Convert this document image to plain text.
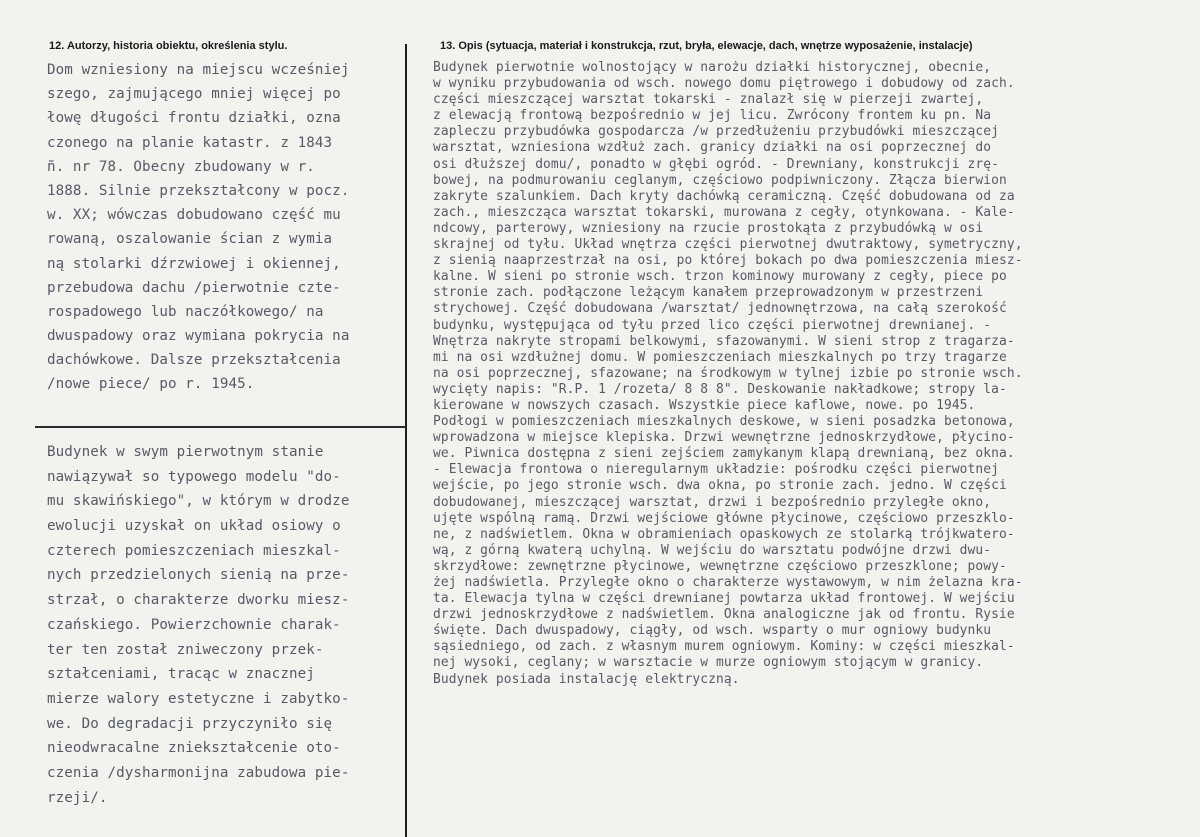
12. Autorzy, historia obiektu, określenia stylu.	13. Opis (sytuacja, materiał i konstrukcja, rzut, bryła, elewacje, dach, wnętrze wyposażenie, instalacje)
Dom wzniesiony na miejscu wcześniej
szego, zajmującego mniej więcej po
łowę długości frontu działki, ozna
czonego na planie katastr. z 1843
ñ. nr 78. Obecny zbudowany w r.
1888. Silnie przekształcony w pocz.
w. XX; wówczas dobudowano część mu
rowaną, oszalowanie ścian z wymia
ną stolarki dźrzwiowej i okiennej,
przebudowa dachu /pierwotnie czte-
rospadowego lub naczółkowego/ na
dwuspadowy oraz wymiana pokrycia na
dachówkowe. Dalsze przekształcenia
/nowe piece/ po r. 1945.
Budynek w swym pierwotnym stanie
nawiązywał so typowego modelu "do-
mu skawińskiego", w którym w drodze
ewolucji uzyskał on układ osiowy o
czterech pomieszczeniach mieszkal-
nych przedzielonych sienią na prze-
strzał, o charakterze dworku miesz-
czańskiego. Powierzchownie charak-
ter ten został zniweczony przek-
ształceniami, tracąc w znacznej
mierze walory estetyczne i zabytko-
we. Do degradacji przyczyniło się
nieodwracalne zniekształcenie oto-
czenia /dysharmonijna zabudowa pie-
rzeji/.
Budynek pierwotnie wolnostojący w narożu działki historycznej, obecnie,
w wyniku przybudowania od wsch. nowego domu piętrowego i dobudowy od zach.
części mieszczącej warsztat tokarski - znalazł się w pierzeji zwartej,
z elewacją frontową bezpośrednio w jej licu. Zwrócony frontem ku pn. Na
zapleczu przybudówka gospodarcza /w przedłużeniu przybudówki mieszczącej
warsztat, wzniesiona wzdłuż zach. granicy działki na osi poprzecznej do
osi dłuższej domu/, ponadto w głębi ogród. - Drewniany, konstrukcji zrę-
bowej, na podmurowaniu ceglanym, częściowo podpiwniczony. Złącza bierwion
zakryte szalunkiem. Dach kryty dachówką ceramiczną. Część dobudowana od za
zach., mieszcząca warsztat tokarski, murowana z cegły, otynkowana. - Kale-
ndcowy, parterowy, wzniesiony na rzucie prostokąta z przybudówką w osi
skrajnej od tyłu. Układ wnętrza części pierwotnej dwutraktowy, symetryczny,
z sienią naaprzestrzał na osi, po której bokach po dwa pomieszczenia miesz-
kalne. W sieni po stronie wsch. trzon kominowy murowany z cegły, piece po
stronie zach. podłączone leżącym kanałem przeprowadzonym w przestrzeni
strychowej. Część dobudowana /warsztat/ jednownętrzowa, na całą szerokość
budynku, występująca od tyłu przed lico części pierwotnej drewnianej. -
Wnętrza nakryte stropami belkowymi, sfazowanymi. W sieni strop z tragarza-
mi na osi wzdłużnej domu. W pomieszczeniach mieszkalnych po trzy tragarze
na osi poprzecznej, sfazowane; na środkowym w tylnej izbie po stronie wsch.
wycięty napis: "R.P. 1 /rozeta/ 8 8 8". Deskowanie nakładkowe; stropy la-
kierowane w nowszych czasach. Wszystkie piece kaflowe, nowe. po 1945.
Podłogi w pomieszczeniach mieszkalnych deskowe, w sieni posadzka betonowa,
wprowadzona w miejsce klepiska. Drzwi wewnętrzne jednoskrzydłowe, płycino-
we. Piwnica dostępna z sieni zejściem zamykanym klapą drewnianą, bez okna.
- Elewacja frontowa o nieregularnym układzie: pośrodku części pierwotnej
wejście, po jego stronie wsch. dwa okna, po stronie zach. jedno. W części
dobudowanej, mieszczącej warsztat, drzwi i bezpośrednio przyległe okno,
ujęte wspólną ramą. Drzwi wejściowe główne płycinowe, częściowo przeszklo-
ne, z nadświetlem. Okna w obramieniach opaskowych ze stolarką trójkwatero-
wą, z górną kwaterą uchylną. W wejściu do warsztatu podwójne drzwi dwu-
skrzydłowe: zewnętrzne płycinowe, wewnętrzne częściowo przeszklone; powy-
żej nadświetla. Przyległe okno o charakterze wystawowym, w nim żelazna kra-
ta. Elewacja tylna w części drewnianej powtarza układ frontowej. W wejściu
drzwi jednoskrzydłowe z nadświetlem. Okna analogiczne jak od frontu. Rysie
święte. Dach dwuspadowy, ciągły, od wsch. wsparty o mur ogniowy budynku
sąsiedniego, od zach. z własnym murem ogniowym. Kominy: w części mieszkal-
nej wysoki, ceglany; w warsztacie w murze ogniowym stojącym w granicy.
Budynek posiada instalację elektryczną.
